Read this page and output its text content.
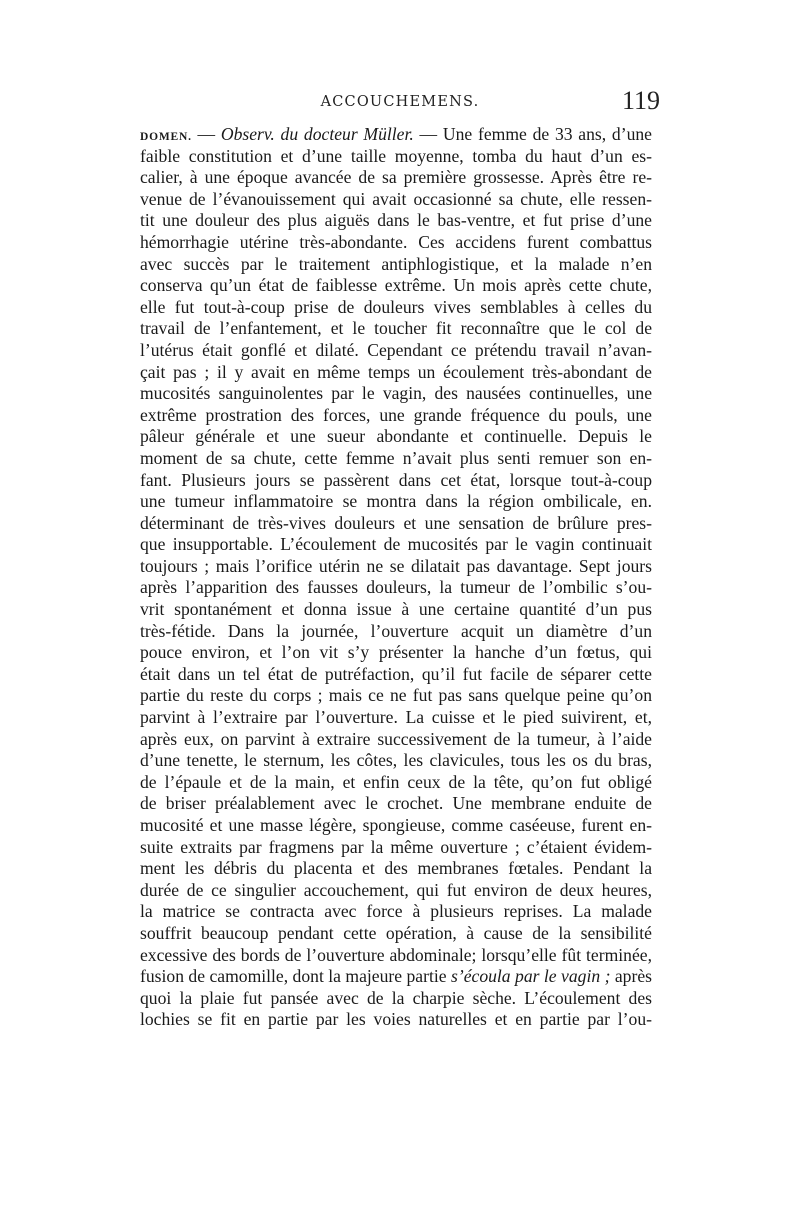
ACCOUCHEMENS.	119
DOMEN. — Observ. du docteur Müller. — Une femme de 33 ans, d’une
faible constitution et d’une taille moyenne, tomba du haut d’un es-
calier, à une époque avancée de sa première grossesse. Après être re-
venue de l’évanouissement qui avait occasionné sa chute, elle ressen-
tit une douleur des plus aiguës dans le bas-ventre, et fut prise d’une
hémorrhagie utérine très-abondante. Ces accidens furent combattus
avec succès par le traitement antiphlogistique, et la malade n’en
conserva qu’un état de faiblesse extrême. Un mois après cette chute,
elle fut tout-à-coup prise de douleurs vives semblables à celles du
travail de l’enfantement, et le toucher fit reconnaître que le col de
l’utérus était gonflé et dilaté. Cependant ce prétendu travail n’avan-
çait pas ; il y avait en même temps un écoulement très-abondant de
mucosités sanguinolentes par le vagin, des nausées continuelles, une
extrême prostration des forces, une grande fréquence du pouls, une
pâleur générale et une sueur abondante et continuelle. Depuis le
moment de sa chute, cette femme n’avait plus senti remuer son en-
fant. Plusieurs jours se passèrent dans cet état, lorsque tout-à-coup
une tumeur inflammatoire se montra dans la région ombilicale, en.
déterminant de très-vives douleurs et une sensation de brûlure pres-
que insupportable. L’écoulement de mucosités par le vagin continuait
toujours ; mais l’orifice utérin ne se dilatait pas davantage. Sept jours
après l’apparition des fausses douleurs, la tumeur de l’ombilic s’ou-
vrit spontanément et donna issue à une certaine quantité d’un pus
très-fétide. Dans la journée, l’ouverture acquit un diamètre d’un
pouce environ, et l’on vit s’y présenter la hanche d’un fœtus, qui
était dans un tel état de putréfaction, qu’il fut facile de séparer cette
partie du reste du corps ; mais ce ne fut pas sans quelque peine qu’on
parvint à l’extraire par l’ouverture. La cuisse et le pied suivirent, et,
après eux, on parvint à extraire successivement de la tumeur, à l’aide
d’une tenette, le sternum, les côtes, les clavicules, tous les os du bras,
de l’épaule et de la main, et enfin ceux de la tête, qu’on fut obligé
de briser préalablement avec le crochet. Une membrane enduite de
mucosité et une masse légère, spongieuse, comme caséeuse, furent en-
suite extraits par fragmens par la même ouverture ; c’étaient évidem-
ment les débris du placenta et des membranes fœtales. Pendant la
durée de ce singulier accouchement, qui fut environ de deux heures,
la matrice se contracta avec force à plusieurs reprises. La malade
souffrit beaucoup pendant cette opération, à cause de la sensibilité
excessive des bords de l’ouverture abdominale; lorsqu’elle fût terminée,
fusion de camomille, dont la majeure partie s’écoula par le vagin ; après
quoi la plaie fut pansée avec de la charpie sèche. L’écoulement des
lochies se fit en partie par les voies naturelles et en partie par l’ou-
